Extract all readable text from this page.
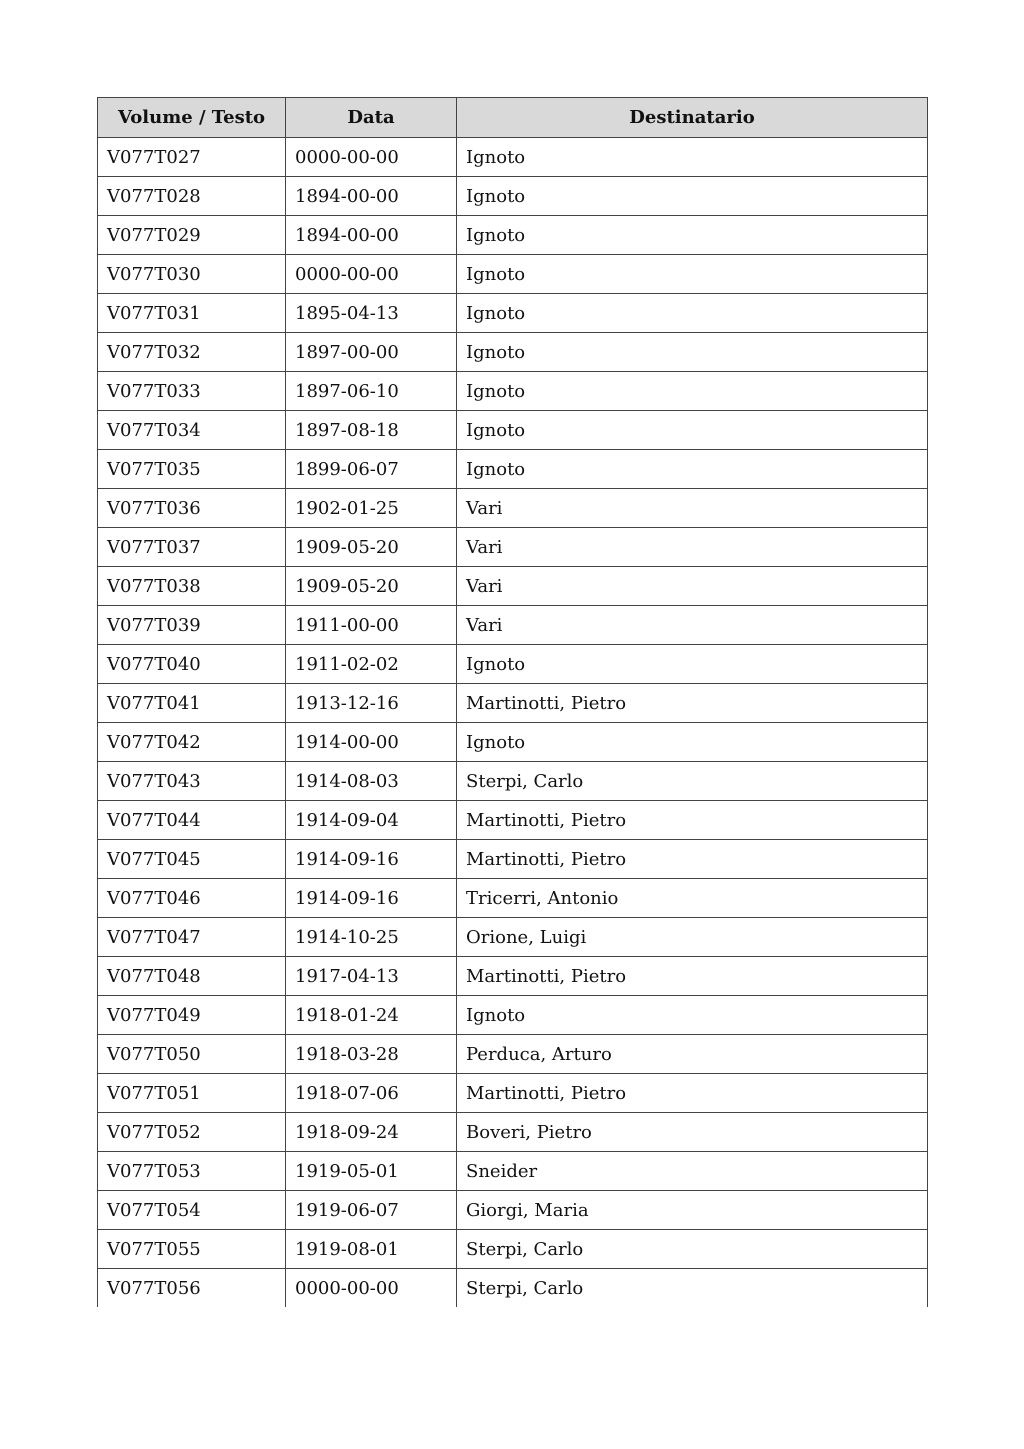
Volume / Testo	Data	Destinatario
V077T027	0000-00-00	Ignoto
V077T028	1894-00-00	Ignoto
V077T029	1894-00-00	Ignoto
V077T030	0000-00-00	Ignoto
V077T031	1895-04-13	Ignoto
V077T032	1897-00-00	Ignoto
V077T033	1897-06-10	Ignoto
V077T034	1897-08-18	Ignoto
V077T035	1899-06-07	Ignoto
V077T036	1902-01-25	Vari
V077T037	1909-05-20	Vari
V077T038	1909-05-20	Vari
V077T039	1911-00-00	Vari
V077T040	1911-02-02	Ignoto
V077T041	1913-12-16	Martinotti, Pietro
V077T042	1914-00-00	Ignoto
V077T043	1914-08-03	Sterpi, Carlo
V077T044	1914-09-04	Martinotti, Pietro
V077T045	1914-09-16	Martinotti, Pietro
V077T046	1914-09-16	Tricerri, Antonio
V077T047	1914-10-25	Orione, Luigi
V077T048	1917-04-13	Martinotti, Pietro
V077T049	1918-01-24	Ignoto
V077T050	1918-03-28	Perduca, Arturo
V077T051	1918-07-06	Martinotti, Pietro
V077T052	1918-09-24	Boveri, Pietro
V077T053	1919-05-01	Sneider
V077T054	1919-06-07	Giorgi, Maria
V077T055	1919-08-01	Sterpi, Carlo
V077T056	0000-00-00	Sterpi, Carlo
